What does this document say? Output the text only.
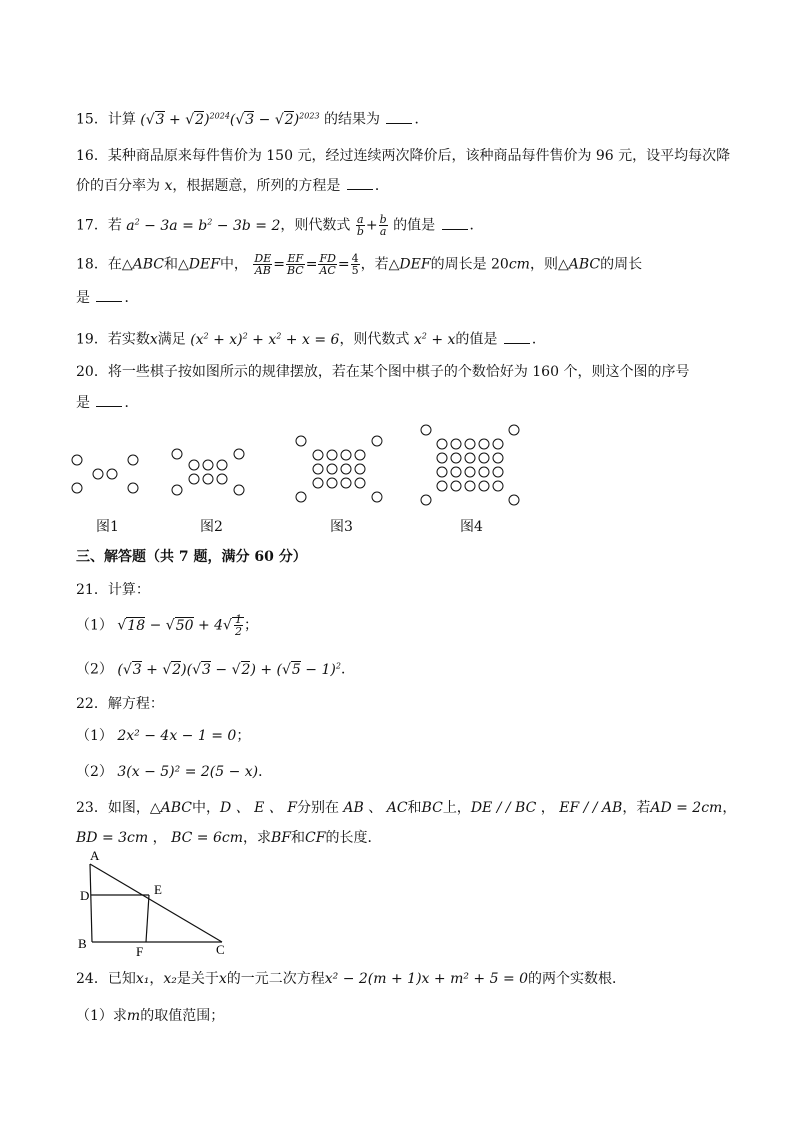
15．计算 $(√3 + √2)^{2024}(√3 - √2)^{2023}$ 的结果为 ．
16．某种商品原来每件售价为 150 元，经过连续两次降价后，该种商品每件售价为 96 元，设平均每次降
价的百分率为 x，根据题意，所列的方程是 ．
17．若 $a^2 - 3a = b^2 - 3b = 2$，则代数式 $\frac{a}{b} + \frac{b}{a}$ 的值是 ．
18．在△ABC和△DEF中， $\frac{DE}{AB} = \frac{EF}{BC} = \frac{FD}{AC} = \frac{4}{5}$ ，若△DEF的周长是 20cm，则△ABC的周长
是 ．
19．若实数x满足 $(x^2 + x)^2 + x^2 + x = 6$，则代数式 $x^2 + x$的值是 ．
20．将一些棋子按如图所示的规律摆放，若在某个图中棋子的个数恰好为 160 个，则这个图的序号
是 ．
图1	图2	图3	图4
三、解答题（共 7 题，满分 60 分）
21．计算：
（1） $√18 - √50 + 4√ \frac{1}{2}$ ；
（2） $(√3 + √2)(√3 - √2) + (√5 - 1)^2$．
22．解方程：
（1） 2x² − 4x − 1 = 0；
（2） 3(x − 5)² = 2(5 − x)．
23．如图，△ABC中，D 、 E 、 F分别在 AB 、 AC和BC上，DE / / BC ， EF / / AB，若AD = 2cm，
BD = 3cm ， BC = 6cm，求BF和CF的长度．
A
D	E
B
F	C
24．已知x₁，x₂是关于x的一元二次方程x² − 2(m + 1)x + m² + 5 = 0的两个实数根．
（1）求m的取值范围；
